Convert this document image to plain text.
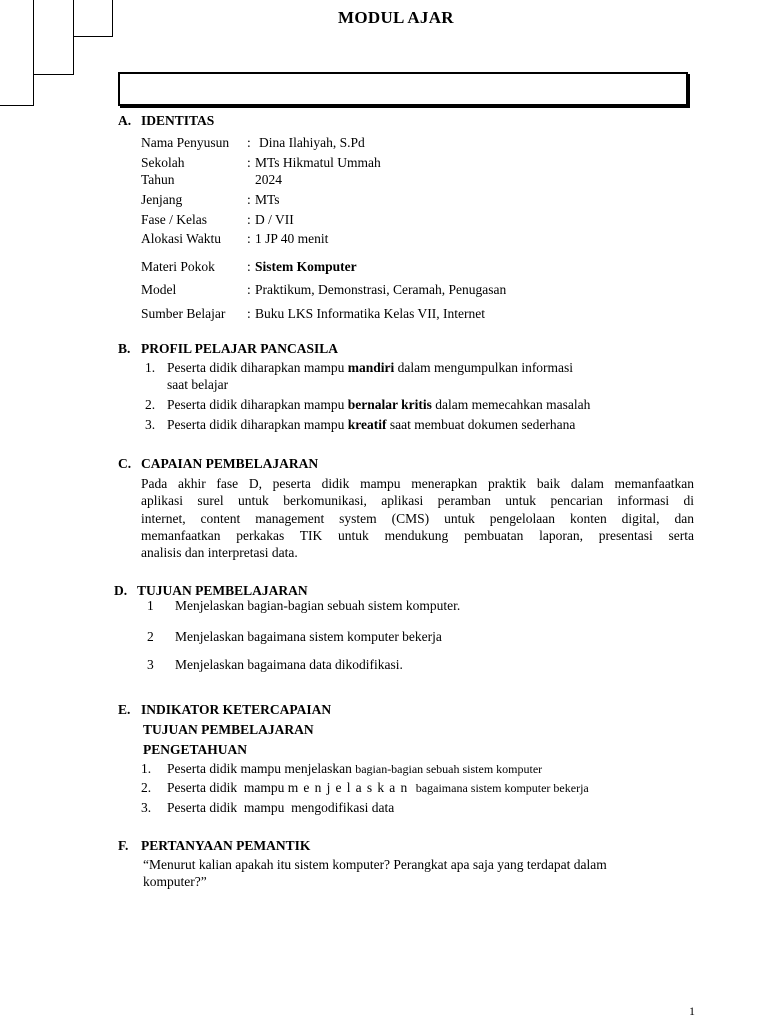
MODUL AJAR
A. IDENTITAS
Nama Penyusun : Dina Ilahiyah, S.Pd
Sekolah	: MTs Hikmatul Ummah
Tahun	2024
Jenjang	: MTs
Fase / Kelas	: D / VII
Alokasi Waktu : 1 JP 40 menit
Materi Pokok : Sistem Komputer
Model	: Praktikum, Demonstrasi, Ceramah, Penugasan
Sumber Belajar : Buku LKS Informatika Kelas VII, Internet
B. PROFIL PELAJAR PANCASILA
1. Peserta didik diharapkan mampu mandiri dalam mengumpulkan informasi
saat belajar
2. Peserta didik diharapkan mampu bernalar kritis dalam memecahkan masalah
3. Peserta didik diharapkan mampu kreatif saat membuat dokumen sederhana
C. CAPAIAN PEMBELAJARAN
Pada akhir fase D, peserta didik mampu menerapkan praktik baik dalam memanfaatkan
aplikasi surel untuk berkomunikasi, aplikasi peramban untuk pencarian informasi di
internet, content management system (CMS) untuk pengelolaan konten digital, dan
memanfaatkan perkakas TIK untuk mendukung pembuatan laporan, presentasi serta
analisis dan interpretasi data.
D. TUJUAN PEMBELAJARAN
1 Menjelaskan bagian-bagian sebuah sistem komputer.
2 Menjelaskan bagaimana sistem komputer bekerja
3 Menjelaskan bagaimana data dikodifikasi.
E. INDIKATOR KETERCAPAIAN
TUJUAN PEMBELAJARAN
PENGETAHUAN
1. Peserta didik mampu menjelaskan bagian-bagian sebuah sistem komputer
2. Peserta didik  mampu menjelaskan bagaimana sistem komputer bekerja
3. Peserta didik  mampu  mengodifikasi data
F. PERTANYAAN PEMANTIK
“Menurut kalian apakah itu sistem komputer? Perangkat apa saja yang terdapat dalam
komputer?”
1
